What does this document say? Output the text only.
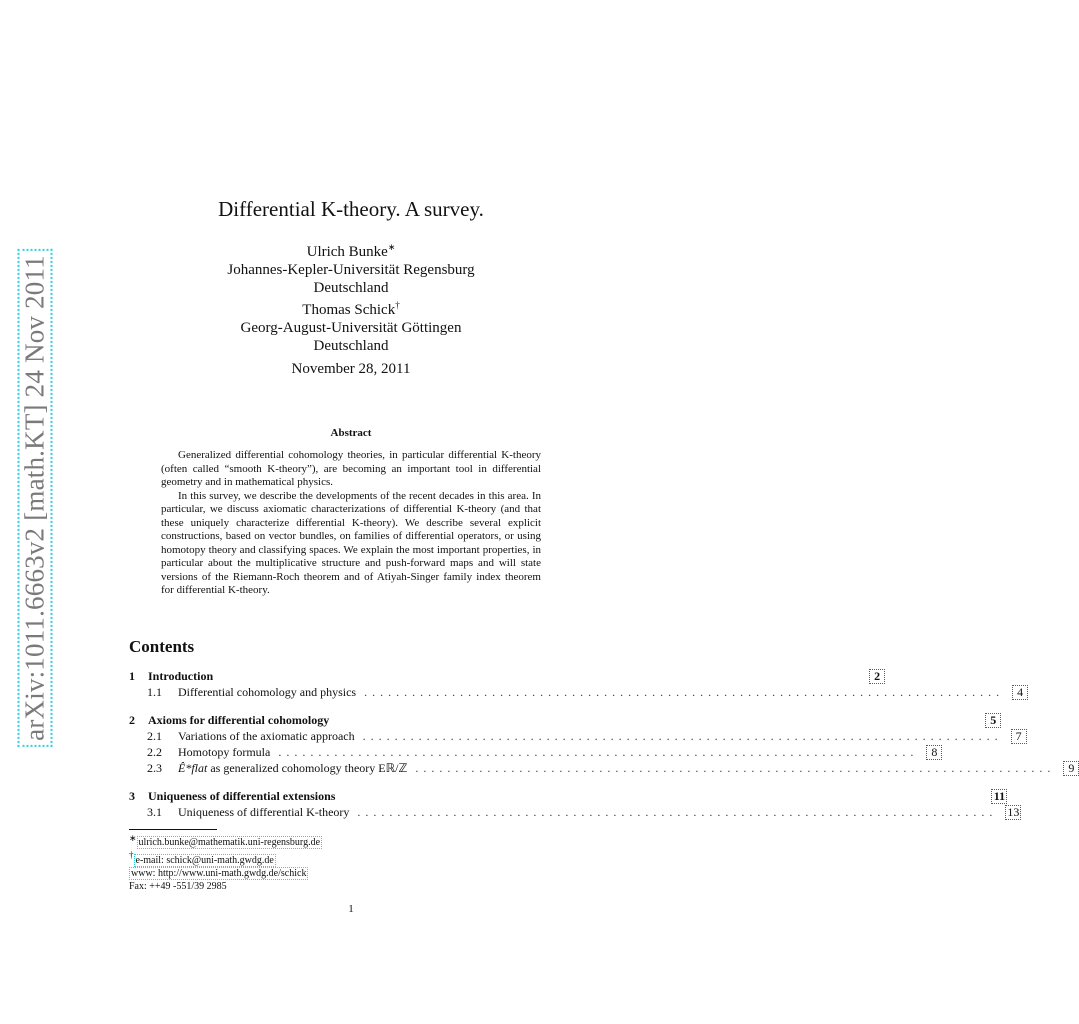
arXiv:1011.6663v2 [math.KT] 24 Nov 2011
Differential K-theory. A survey.
Ulrich Bunke∗
Johannes-Kepler-Universität Regensburg
Deutschland
Thomas Schick†
Georg-August-Universität Göttingen
Deutschland
November 28, 2011
Abstract

Generalized differential cohomology theories, in particular differential K-theory (often called “smooth K-theory”), are becoming an important tool in differential geometry and in mathematical physics.

In this survey, we describe the developments of the recent decades in this area. In particular, we discuss axiomatic characterizations of differential K-theory (and that these uniquely characterize differential K-theory). We describe several explicit constructions, based on vector bundles, on families of differential operators, or using homotopy theory and classifying spaces. We explain the most important properties, in particular about the multiplicative structure and push-forward maps and will state versions of the Riemann-Roch theorem and of Atiyah-Singer family index theorem for differential K-theory.

Contents
1	Introduction	2
1.1	Differential cohomology and physics ................................................................................	4
2	Axioms for differential cohomology	5
2.1	Variations of the axiomatic approach ................................................................................	7
2.2	Homotopy formula ................................................................................	8
2.3	Ê*flat as generalized cohomology theory Eℝ/ℤ ................................................................................	9
3	Uniqueness of differential extensions	11
3.1	Uniqueness of differential K-theory ................................................................................ 13
∗ ulrich.bunke@mathematik.uni-regensburg.de
† e-mail: schick@uni-math.gwdg.de
www: http://www.uni-math.gwdg.de/schick
Fax: ++49 -551/39 2985
1
